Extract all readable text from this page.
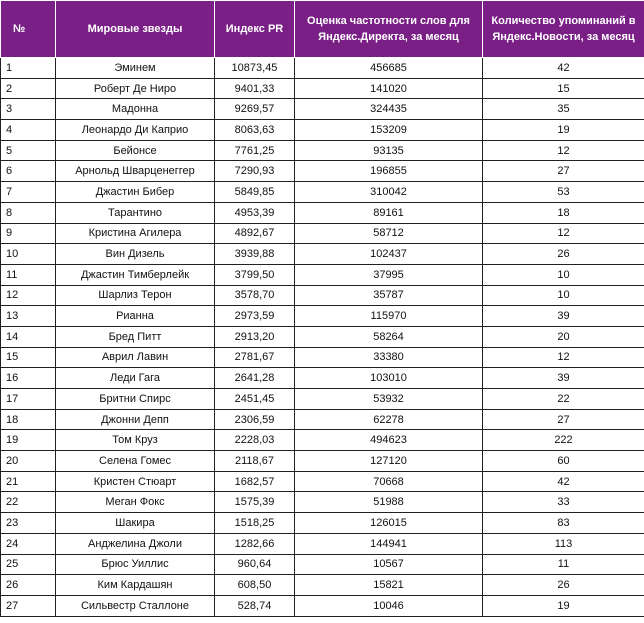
№	Мировые звезды	Индекс PR	Оценка частотности слов для Яндекс.Директа, за месяц	Количество упоминаний в Яндекс.Новости, за месяц
1	Эминем	10873,45	456685	42
2	Роберт Де Ниро	9401,33	141020	15
3	Мадонна	9269,57	324435	35
4	Леонардо Ди Каприо	8063,63	153209	19
5	Бейонсе	7761,25	93135	12
6	Арнольд Шварценеггер	7290,93	196855	27
7	Джастин Бибер	5849,85	310042	53
8	Тарантино	4953,39	89161	18
9	Кристина Агилера	4892,67	58712	12
10	Вин Дизель	3939,88	102437	26
11	Джастин Тимберлейк	3799,50	37995	10
12	Шарлиз Терон	3578,70	35787	10
13	Рианна	2973,59	115970	39
14	Бред Питт	2913,20	58264	20
15	Аврил Лавин	2781,67	33380	12
16	Леди Гага	2641,28	103010	39
17	Бритни Спирс	2451,45	53932	22
18	Джонни Депп	2306,59	62278	27
19	Том Круз	2228,03	494623	222
20	Селена Гомес	2118,67	127120	60
21	Кристен Стюарт	1682,57	70668	42
22	Меган Фокс	1575,39	51988	33
23	Шакира	1518,25	126015	83
24	Анджелина Джоли	1282,66	144941	113
25	Брюс Уиллис	960,64	10567	11
26	Ким Кардашян	608,50	15821	26
27	Сильвестр Сталлоне	528,74	10046	19
